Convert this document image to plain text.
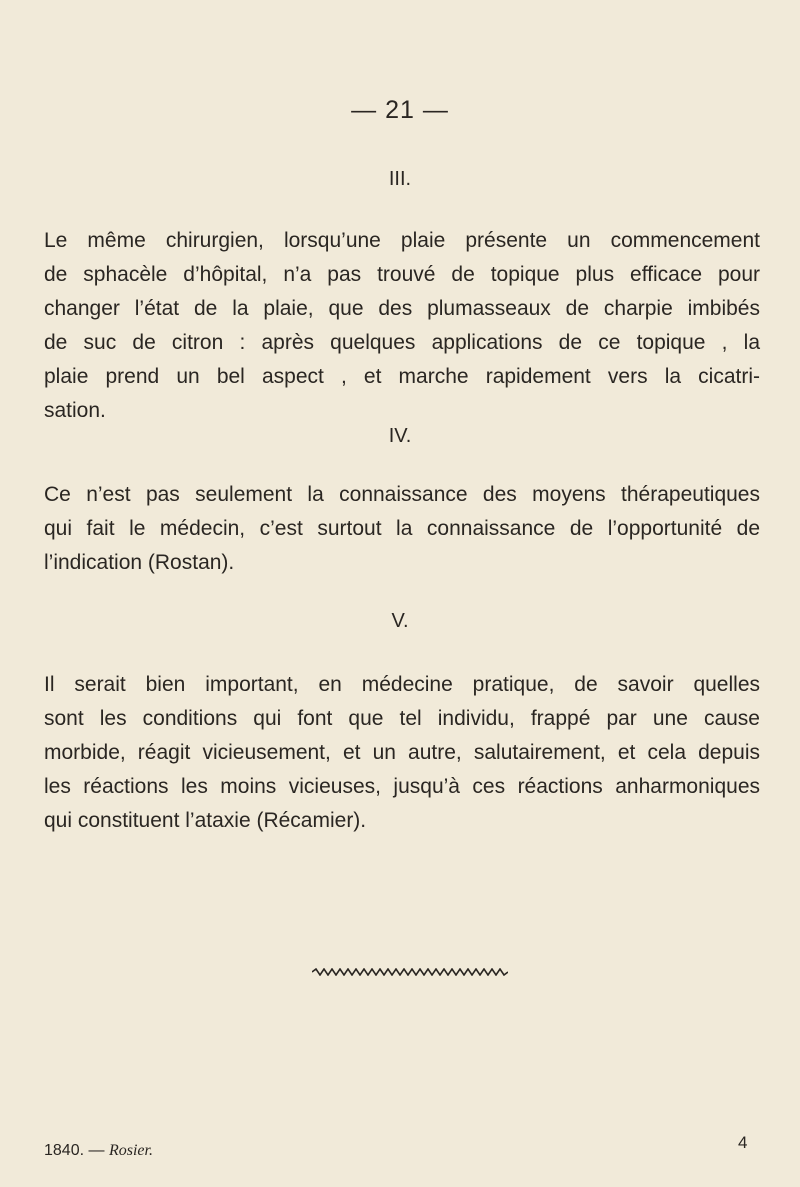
— 21 —
III.
Le même chirurgien, lorsqu’une plaie présente un commencement
de sphacèle d’hôpital, n’a pas trouvé de topique plus efficace pour
changer l’état de la plaie, que des plumasseaux de charpie imbibés
de suc de citron : après quelques applications de ce topique , la
plaie prend un bel aspect , et marche rapidement vers la cicatri-
sation.
IV.
Ce n’est pas seulement la connaissance des moyens thérapeutiques
qui fait le médecin, c’est surtout la connaissance de l’opportunité de
l’indication (Rostan).
V.
Il serait bien important, en médecine pratique, de savoir quelles
sont les conditions qui font que tel individu, frappé par une cause
morbide, réagit vicieusement, et un autre, salutairement, et cela depuis
les réactions les moins vicieuses, jusqu’à ces réactions anharmoniques
qui constituent l’ataxie (Récamier).
1840. — Rosier.	4
